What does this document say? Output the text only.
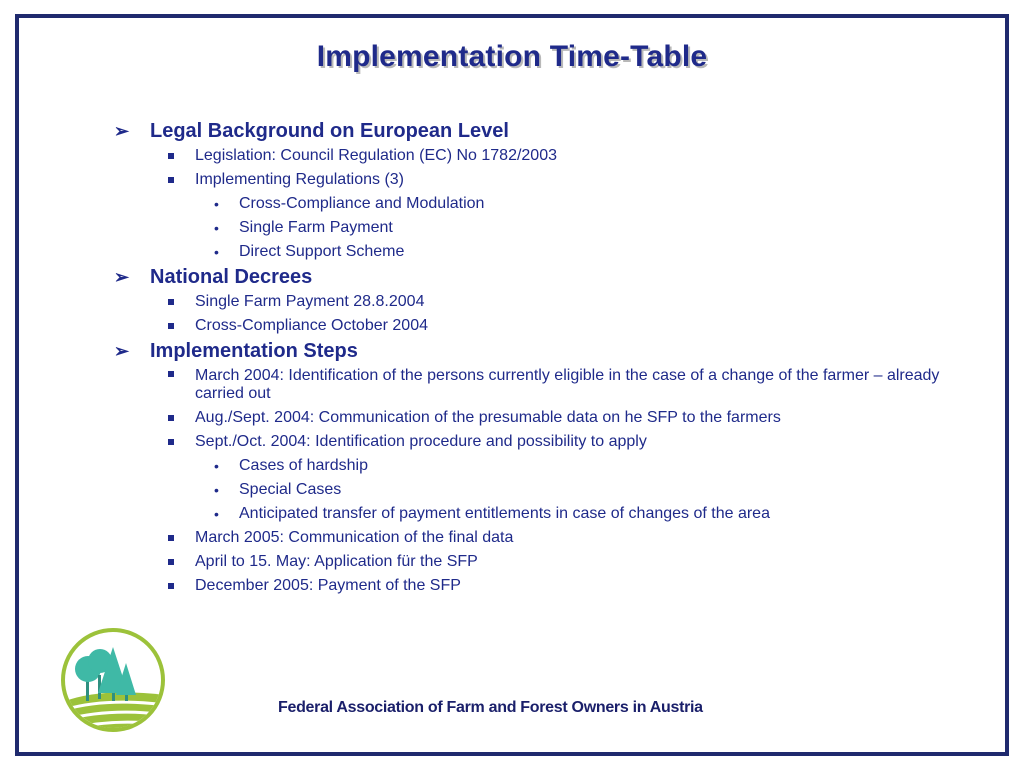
Implementation Time-Table
➢ Legal Background on European Level
Legislation: Council Regulation (EC) No 1782/2003
Implementing Regulations (3)
• Cross-Compliance and Modulation
• Single Farm Payment
• Direct Support Scheme
➢ National Decrees
Single Farm Payment 28.8.2004
Cross-Compliance October 2004
➢ Implementation Steps
March 2004: Identification of the persons currently eligible in the case of a change of the farmer – already carried out
Aug./Sept. 2004: Communication of the presumable data on he SFP to the farmers
Sept./Oct. 2004: Identification procedure and possibility to apply
• Cases of hardship
• Special Cases
• Anticipated transfer of payment entitlements in case of changes of the area
March 2005: Communication of the final data
April to 15. May: Application für the SFP
December 2005: Payment of the SFP
Federal Association of Farm and Forest Owners in Austria
